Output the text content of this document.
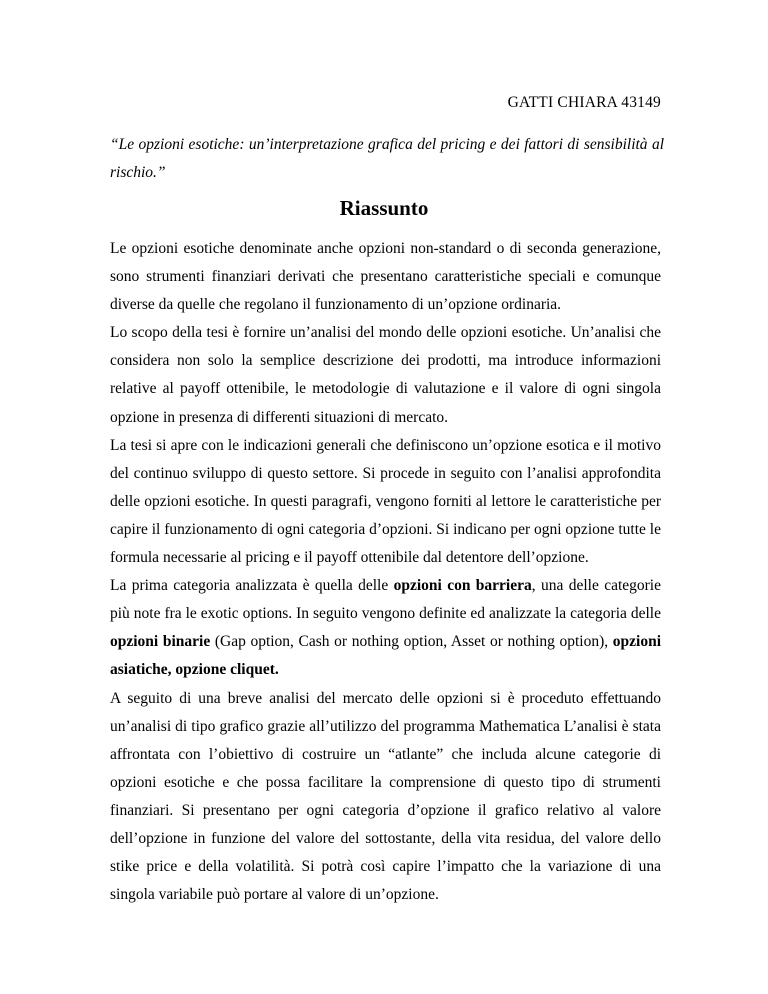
GATTI CHIARA 43149
“Le opzioni esotiche: un’interpretazione grafica del pricing e dei fattori di sensibilità al rischio.”
Riassunto

Le opzioni esotiche denominate anche opzioni non-standard o di seconda generazione, sono strumenti finanziari derivati che presentano caratteristiche speciali e comunque diverse da quelle che regolano il funzionamento di un’opzione ordinaria.

Lo scopo della tesi è fornire un’analisi del mondo delle opzioni esotiche. Un’analisi che considera non solo la semplice descrizione dei prodotti, ma introduce informazioni relative al payoff ottenibile, le metodologie di valutazione e il valore di ogni singola opzione in presenza di differenti situazioni di mercato.

La tesi si apre con le indicazioni generali che definiscono un’opzione esotica e il motivo del continuo sviluppo di questo settore. Si procede in seguito con l’analisi approfondita delle opzioni esotiche. In questi paragrafi, vengono forniti al lettore le caratteristiche per capire il funzionamento di ogni categoria d’opzioni. Si indicano per ogni opzione tutte le formula necessarie al pricing e il payoff ottenibile dal detentore dell’opzione.

La prima categoria analizzata è quella delle opzioni con barriera, una delle categorie più note fra le exotic options. In seguito vengono definite ed analizzate la categoria delle opzioni binarie (Gap option, Cash or nothing option, Asset or nothing option), opzioni asiatiche, opzione cliquet.

A seguito di una breve analisi del mercato delle opzioni si è proceduto effettuando un’analisi di tipo grafico grazie all’utilizzo del programma Mathematica L’analisi è stata affrontata con l’obiettivo di costruire un “atlante” che includa alcune categorie di opzioni esotiche e che possa facilitare la comprensione di questo tipo di strumenti finanziari. Si presentano per ogni categoria d’opzione il grafico relativo al valore dell’opzione in funzione del valore del sottostante, della vita residua, del valore dello stike price e della volatilità. Si potrà così capire l’impatto che la variazione di una singola variabile può portare al valore di un’opzione.
